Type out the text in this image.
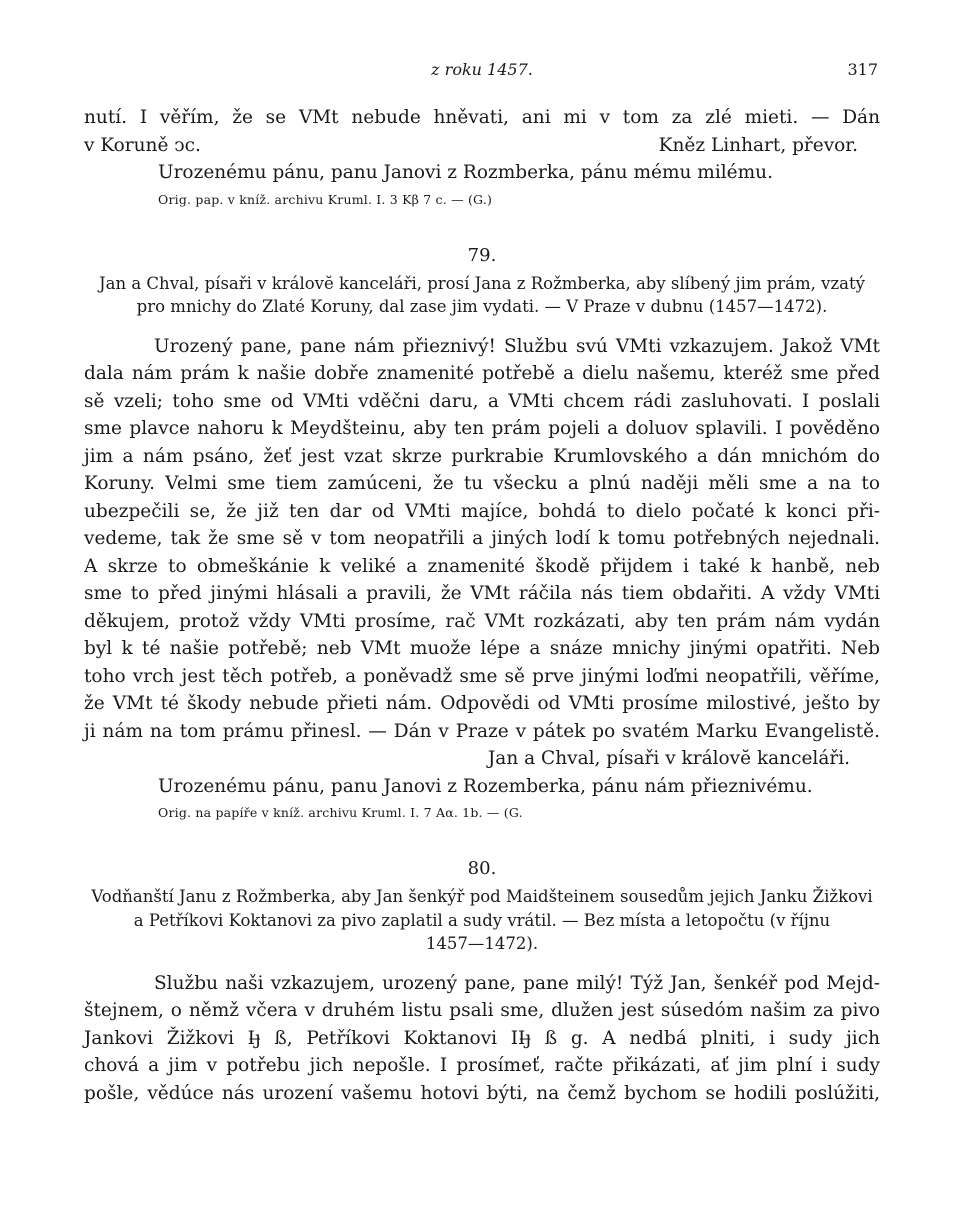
z roku 1457.	317

nutí. I věřím, že se VMt nebude hněvati, ani mi v tom za zlé mieti. — Dán

v Koruně ↄc.	Kněz Linhart, převor.

Urozenému pánu, panu Janovi z Rozmberka, pánu mému milému.

Orig. pap. v kníž. archivu Kruml. I. 3 Kβ 7 c. — (G.)

79.
Jan a Chval, písaři v královĕ kanceláři, prosí Jana z Rožmberka, aby slíbený jim prám, vzatý
pro mnichy do Zlaté Koruny, dal zase jim vydati. — V Praze v dubnu (1457—1472).
Urozený pane, pane nám přieznivý! Službu svú VMti vzkazujem. Jakož VMt
dala nám prám k našie dobře znamenité potřebě a dielu našemu, kteréž sme před
sě vzeli; toho sme od VMti vděčni daru, a VMti chcem rádi zasluhovati. I poslali
sme plavce nahoru k Meydšteinu, aby ten prám pojeli a doluov splavili. I pověděno
jim a nám psáno, žeť jest vzat skrze purkrabie Krumlovského a dán mnichóm do
Koruny. Velmi sme tiem zamúceni, že tu všecku a plnú naději měli sme a na to
ubezpečili se, že již ten dar od VMti majíce, bohdá to dielo počaté k konci při-
vedeme, tak že sme sě v tom neopatřili a jiných lodí k tomu potřebných nejednali.
A skrze to obmeškánie k veliké a znamenité škodě přijdem i také k hanbě, neb
sme to před jinými hlásali a pravili, že VMt ráčila nás tiem obdařiti. A vždy VMti
děkujem, protož vždy VMti prosíme, rač VMt rozkázati, aby ten prám nám vydán
byl k té našie potřebě; neb VMt muože lépe a snáze mnichy jinými opatřiti. Neb
toho vrch jest těch potřeb, a poněvadž sme sě prve jinými loďmi neopatřili, věříme,
že VMt té škody nebude přieti nám. Odpovědi od VMti prosíme milostivé, ješto by
ji nám na tom prámu přinesl. — Dán v Praze v pátek po svatém Marku Evangelistě.

Jan a Chval, písaři v královĕ kanceláři.

Urozenému pánu, panu Janovi z Rozemberka, pánu nám přieznivému.

Orig. na papíře v kníž. archivu Kruml. I. 7 Aα. 1b. — (G.

80.
Vodňanští Janu z Rožmberka, aby Jan šenkýř pod Maidšteinem sousedům jejich Janku Žižkovi
a Petříkovi Koktanovi za pivo zaplatil a sudy vrátil. — Bez místa a letopočtu (v říjnu
1457—1472).
Službu naši vzkazujem, urozený pane, pane milý! Týž Jan, šenkéř pod Mejd-
štejnem, o němž včera v druhém listu psali sme, dlužen jest súsedóm našim za pivo
Jankovi Žižkovi Iȷ̶ ß, Petříkovi Koktanovi IIȷ̶ ß g. A nedbá plniti, i sudy jich
chová a jim v potřebu jich nepošle. I prosímeť, račte přikázati, ať jim plní i sudy
pošle, vědúce nás urození vašemu hotovi býti, na čemž bychom se hodili poslúžiti,
